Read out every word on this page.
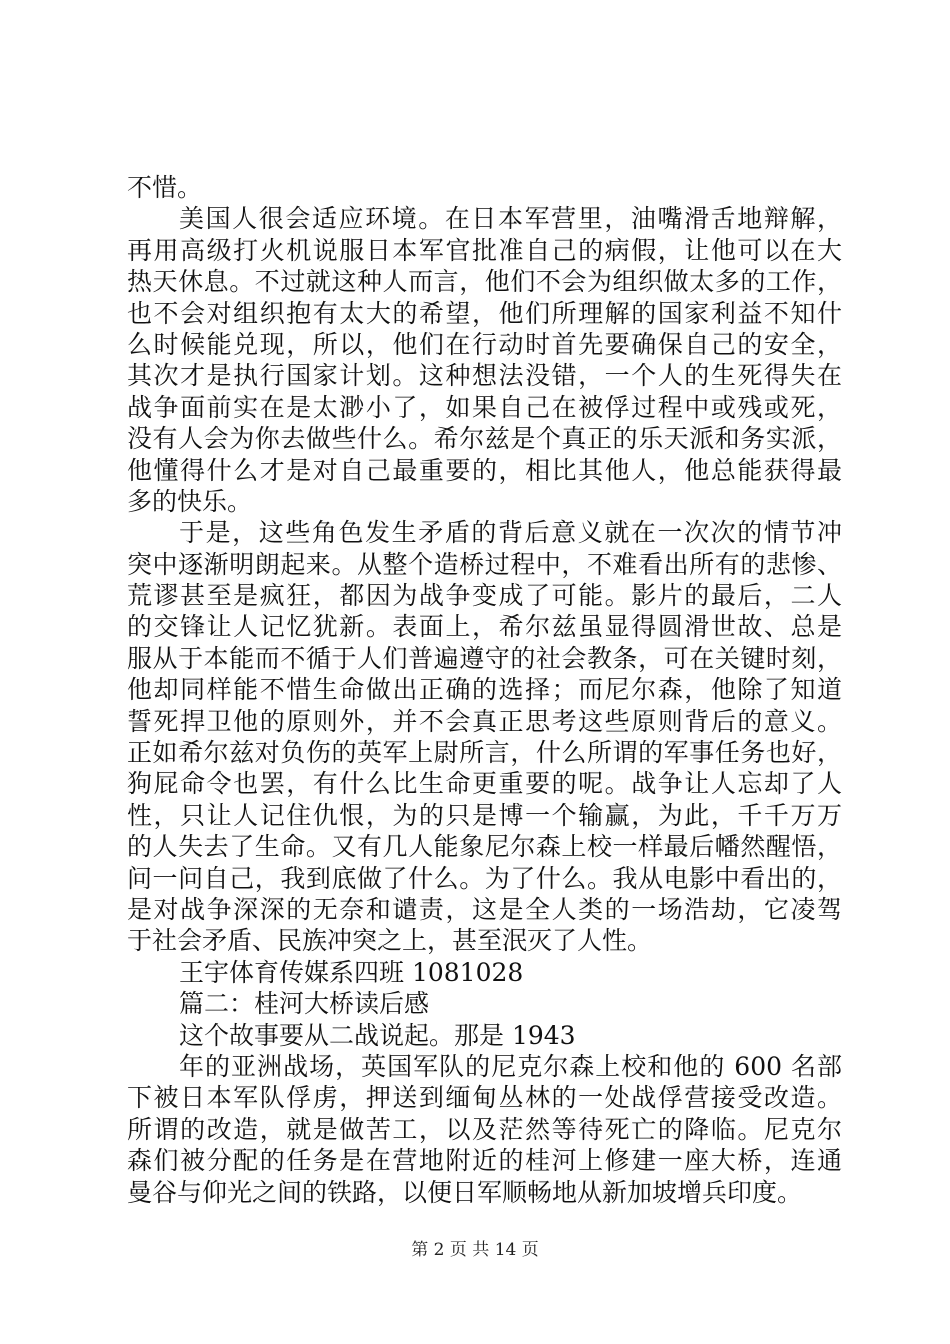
不惜。
美国人很会适应环境。在日本军营里，油嘴滑舌地辩解，
再用高级打火机说服日本军官批准自己的病假，让他可以在大
热天休息。不过就这种人而言，他们不会为组织做太多的工作，
也不会对组织抱有太大的希望，他们所理解的国家利益不知什
么时候能兑现，所以，他们在行动时首先要确保自己的安全，
其次才是执行国家计划。这种想法没错，一个人的生死得失在
战争面前实在是太渺小了，如果自己在被俘过程中或残或死，
没有人会为你去做些什么。希尔兹是个真正的乐天派和务实派，
他懂得什么才是对自己最重要的，相比其他人，他总能获得最
多的快乐。
于是，这些角色发生矛盾的背后意义就在一次次的情节冲
突中逐渐明朗起来。从整个造桥过程中，不难看出所有的悲惨、
荒谬甚至是疯狂，都因为战争变成了可能。影片的最后，二人
的交锋让人记忆犹新。表面上，希尔兹虽显得圆滑世故、总是
服从于本能而不循于人们普遍遵守的社会教条，可在关键时刻，
他却同样能不惜生命做出正确的选择；而尼尔森，他除了知道
誓死捍卫他的原则外，并不会真正思考这些原则背后的意义。
正如希尔兹对负伤的英军上尉所言，什么所谓的军事任务也好，
狗屁命令也罢，有什么比生命更重要的呢。战争让人忘却了人
性，只让人记住仇恨，为的只是博一个输赢，为此，千千万万
的人失去了生命。又有几人能象尼尔森上校一样最后幡然醒悟，
问一问自己，我到底做了什么。为了什么。我从电影中看出的，
是对战争深深的无奈和谴责，这是全人类的一场浩劫，它凌驾
于社会矛盾、民族冲突之上，甚至泯灭了人性。
王宇体育传媒系四班 1081028
篇二：桂河大桥读后感
这个故事要从二战说起。那是 1943
年的亚洲战场，英国军队的尼克尔森上校和他的 600 名部
下被日本军队俘虏，押送到缅甸丛林的一处战俘营接受改造。
所谓的改造，就是做苦工，以及茫然等待死亡的降临。尼克尔
森们被分配的任务是在营地附近的桂河上修建一座大桥，连通
曼谷与仰光之间的铁路，以便日军顺畅地从新加坡增兵印度。
第 2 页 共 14 页
